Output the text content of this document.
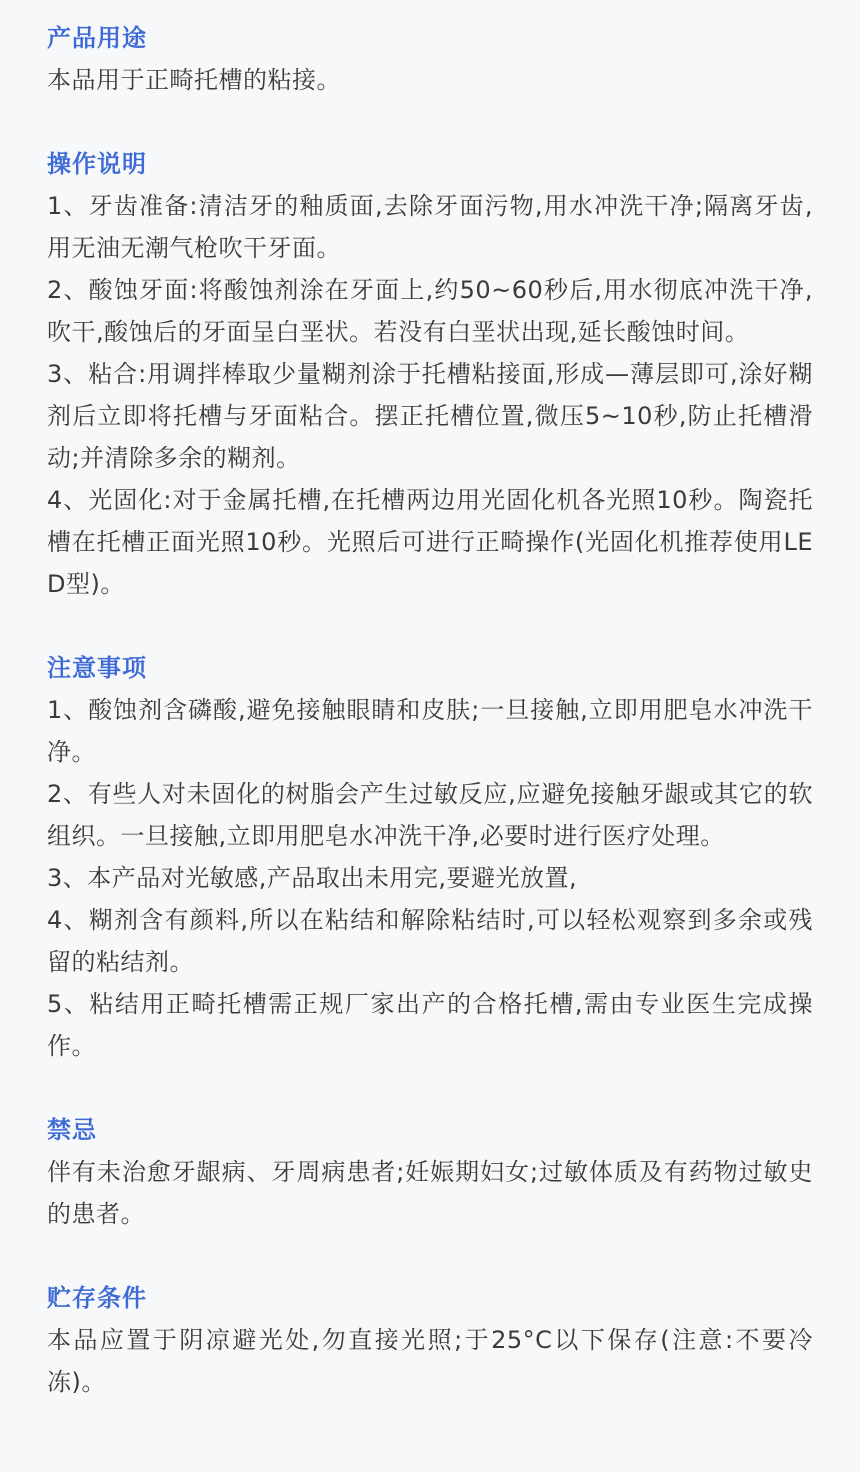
产品用途

本品用于正畸托槽的粘接。

操作说明

1、牙齿准备:清洁牙的釉质面,去除牙面污物,用水冲洗干净;隔离牙齿,用无油无潮气枪吹干牙面。

2、酸蚀牙面:将酸蚀剂涂在牙面上,约50~60秒后,用水彻底冲洗干净,吹干,酸蚀后的牙面呈白垩状。若没有白垩状出现,延长酸蚀时间。

3、粘合:用调拌棒取少量糊剂涂于托槽粘接面,形成—薄层即可,涂好糊剂后立即将托槽与牙面粘合。摆正托槽位置,微压5~10秒,防止托槽滑动;并清除多余的糊剂。

4、光固化:对于金属托槽,在托槽两边用光固化机各光照10秒。陶瓷托槽在托槽正面光照10秒。光照后可进行正畸操作(光固化机推荐使用LED型)。

注意事项

1、酸蚀剂含磷酸,避免接触眼睛和皮肤;一旦接触,立即用肥皂水冲洗干净。

2、有些人对未固化的树脂会产生过敏反应,应避免接触牙龈或其它的软组织。一旦接触,立即用肥皂水冲洗干净,必要时进行医疗处理。

3、本产品对光敏感,产品取出未用完,要避光放置,

4、糊剂含有颜料,所以在粘结和解除粘结时,可以轻松观察到多余或残留的粘结剂。

5、粘结用正畸托槽需正规厂家出产的合格托槽,需由专业医生完成操作。

禁忌

伴有未治愈牙龈病、牙周病患者;妊娠期妇女;过敏体质及有药物过敏史的患者。

贮存条件

本品应置于阴凉避光处,勿直接光照;于25°C以下保存(注意:不要冷冻)。
